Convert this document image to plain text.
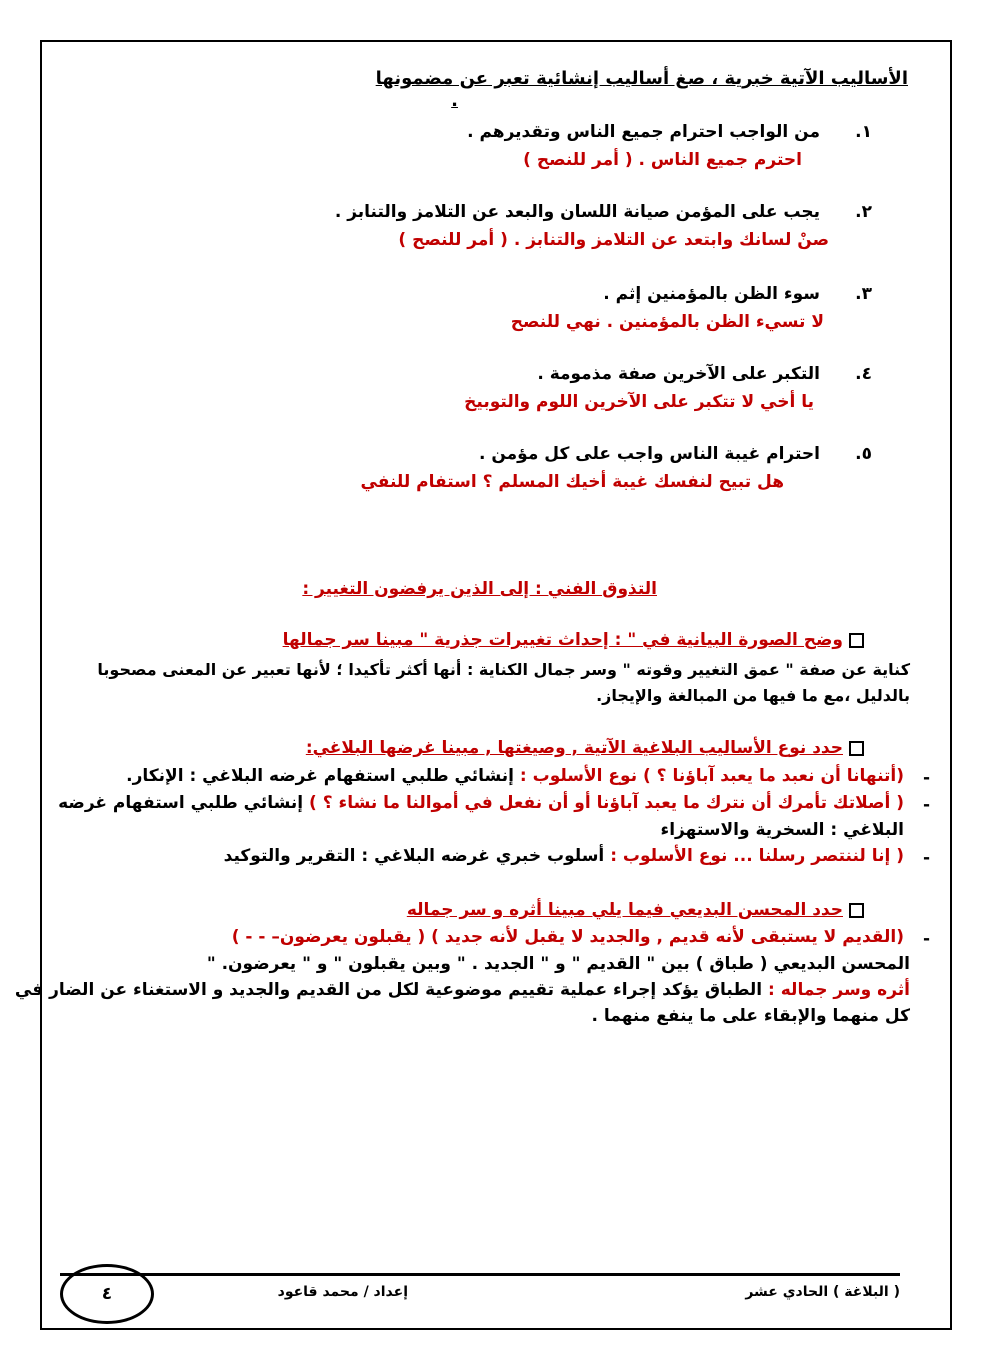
الأساليب الآتية خبرية ، صغ أساليب إنشائية تعبر عن مضمونها
.
١.
من الواجب احترام جميع الناس وتقديرهم .
احترم جميع الناس . ( أمر للنصح )
٢.
يجب على المؤمن صيانة اللسان والبعد عن التلامز والتنابز .
صنْ لسانك وابتعد عن التلامز والتنابز . ( أمر للنصح )
٣.
سوء الظن بالمؤمنين إثم .
لا تسيء الظن بالمؤمنين . نهي للنصح
٤.
التكبر على الآخرين صفة مذمومة .
يا أخي لا تتكبر على الآخرين اللوم والتوبيخ
٥.
احترام غيبة الناس واجب على كل مؤمن .
هل تبيح لنفسك غيبة أخيك المسلم ؟ استفام للنفي
التذوق الفني : إلى الذين يرفضون التغيير :
وضح الصورة البيانية في " : إحداث تغييرات جذرية " مبينا سر جمالها
كناية عن صفة " عمق التغيير وقوته " وسر جمال الكناية : أنها أكثر تأكيدا ؛ لأنها تعبير عن المعنى مصحوبا
بالدليل ،مع ما فيها من المبالغة والإيجاز.
حدد نوع الأساليب البلاغية الآتية , وصيغتها , مبينا غرضها البلاغي:
-
(أتنهانا أن نعبد ما يعبد آباؤنا ؟ ) نوع الأسلوب : إنشائي طلبي استفهام غرضه البلاغي : الإنكار.
-
( أصلاتك تأمرك أن نترك ما يعبد آباؤنا أو أن نفعل في أموالنا ما نشاء ؟ ) إنشائي طلبي استفهام غرضه
البلاغي : السخرية والاستهزاء
-
( إنا لننتصر رسلنا ... نوع الأسلوب : أسلوب خبري غرضه البلاغي : التقرير والتوكيد
حدد المحسن البديعي فيما يلي مبينا أثره و سر جماله
-
(القديم لا يستبقى لأنه قديم , والجديد لا يقبل لأنه جديد ) ( يقبلون يعرضون– - - )
المحسن البديعي ( طباق ) بين " القديم " و " الجديد . " وبين يقبلون " و " يعرضون. "
أثره وسر جماله : الطباق يؤكد إجراء عملية تقييم موضوعية لكل من القديم والجديد و الاستغناء عن الضار في
كل منهما والإبقاء على ما ينفع منهما .
( البلاغة ) الحادي عشر
إعداد / محمد قاعود
٤
